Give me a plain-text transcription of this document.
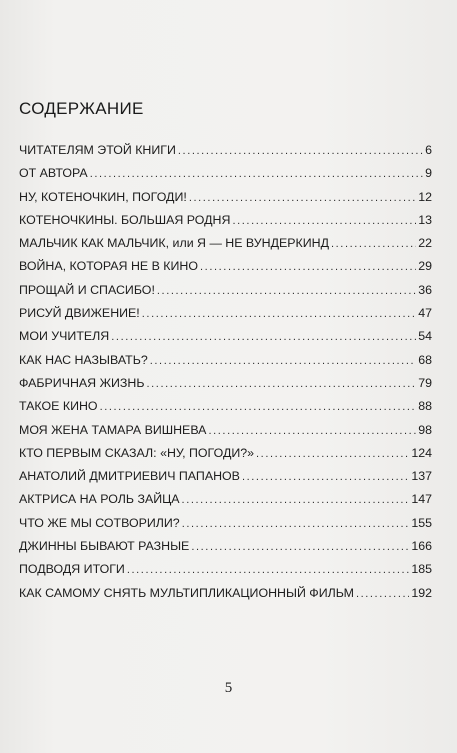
СОДЕРЖАНИЕ
ЧИТАТЕЛЯМ ЭТОЙ КНИГИ .....	6
ОТ АВТОРА .....	9
НУ, КОТЕНОЧКИН, ПОГОДИ! .....	12
КОТЕНОЧКИНЫ. БОЛЬШАЯ РОДНЯ .....	13
МАЛЬЧИК КАК МАЛЬЧИК, или Я — НЕ ВУНДЕРКИНД .....	22
ВОЙНА, КОТОРАЯ НЕ В КИНО .....	29
ПРОЩАЙ И СПАСИБО! .....	36
РИСУЙ ДВИЖЕНИЕ! .....	47
МОИ УЧИТЕЛЯ .....	54
КАК НАС НАЗЫВАТЬ? .....	68
ФАБРИЧНАЯ ЖИЗНЬ .....	79
ТАКОЕ КИНО .....	88
МОЯ ЖЕНА ТАМАРА ВИШНЕВА .....	98
КТО ПЕРВЫМ СКАЗАЛ: «НУ, ПОГОДИ?» .....	124
АНАТОЛИЙ ДМИТРИЕВИЧ ПАПАНОВ .....	137
АКТРИСА НА РОЛЬ ЗАЙЦА .....	147
ЧТО ЖЕ МЫ СОТВОРИЛИ? .....	155
ДЖИННЫ БЫВАЮТ РАЗНЫЕ .....	166
ПОДВОДЯ ИТОГИ .....	185
КАК САМОМУ СНЯТЬ МУЛЬТИПЛИКАЦИОННЫЙ ФИЛЬМ .....	192
5
